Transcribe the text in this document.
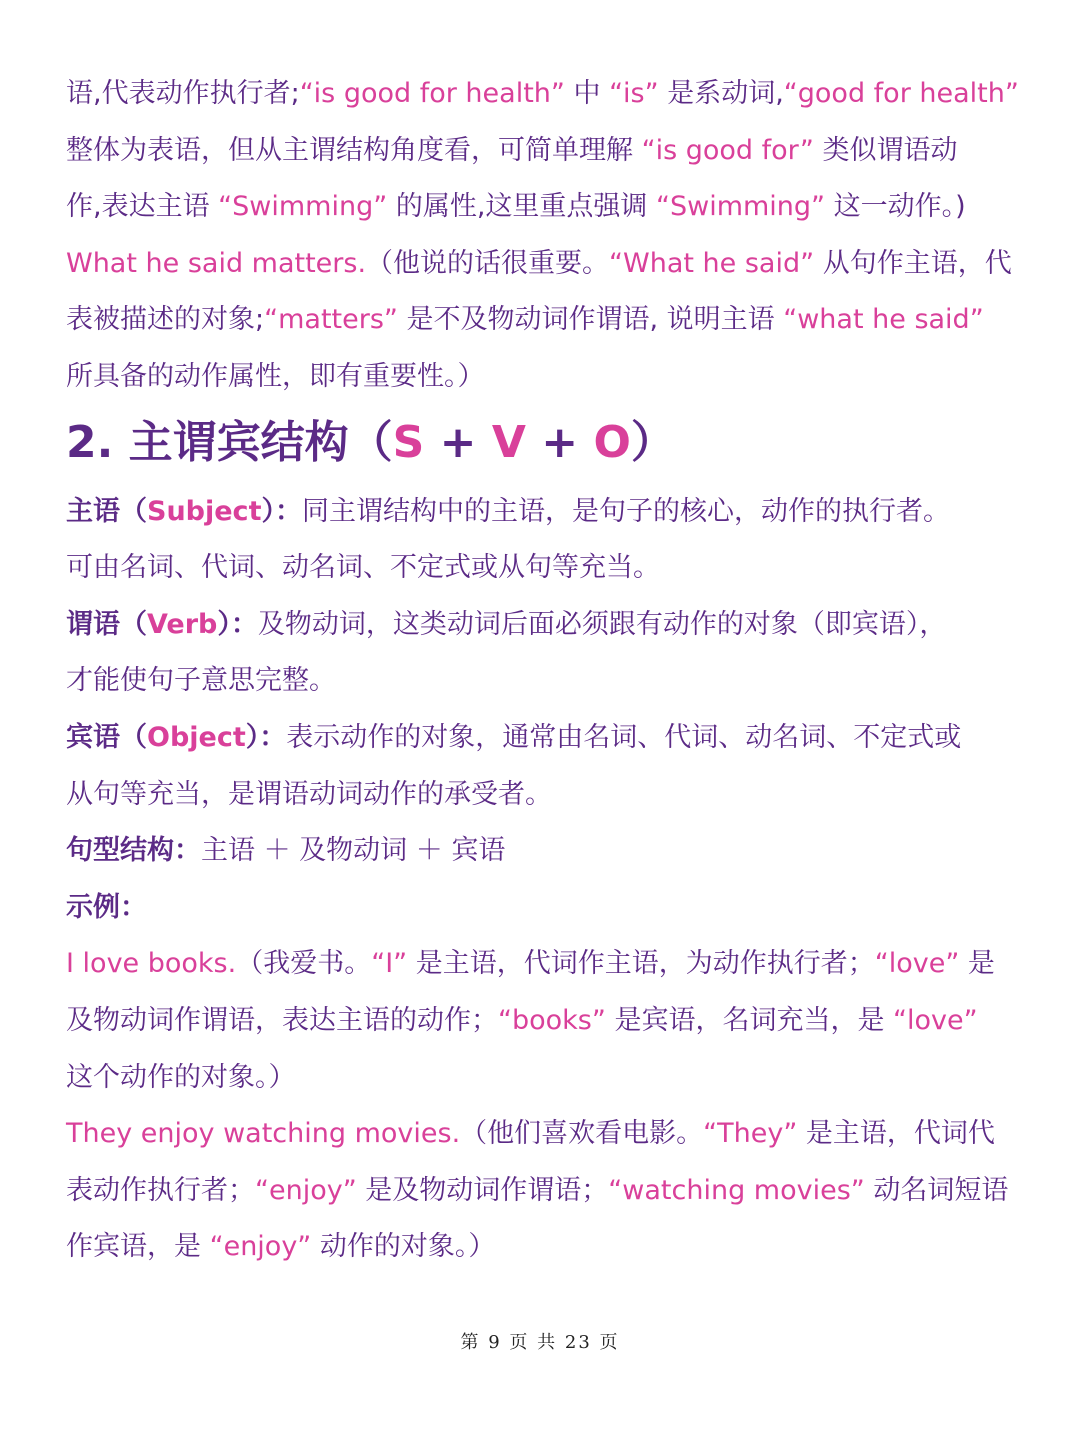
语,代表动作执行者;“is good for health” 中 “is” 是系动词,“good for health”
整体为表语，但从主谓结构角度看，可简单理解 “is good for” 类似谓语动
作,表达主语 “Swimming” 的属性,这里重点强调 “Swimming” 这一动作。)
What he said matters.（他说的话很重要。“What he said” 从句作主语，代
表被描述的对象;“matters” 是不及物动词作谓语, 说明主语 “what he said”
所具备的动作属性，即有重要性。）
2. 主谓宾结构（S + V + O）
主语（Subject）：同主谓结构中的主语，是句子的核心，动作的执行者。
可由名词、代词、动名词、不定式或从句等充当。
谓语（Verb）：及物动词，这类动词后面必须跟有动作的对象（即宾语），
才能使句子意思完整。
宾语（Object）：表示动作的对象，通常由名词、代词、动名词、不定式或
从句等充当，是谓语动词动作的承受者。
句型结构：主语 ＋ 及物动词 ＋ 宾语
示例：
I love books.（我爱书。“I” 是主语，代词作主语，为动作执行者；“love” 是
及物动词作谓语，表达主语的动作；“books” 是宾语，名词充当，是 “love”
这个动作的对象。）
They enjoy watching movies.（他们喜欢看电影。“They” 是主语，代词代
表动作执行者；“enjoy” 是及物动词作谓语；“watching movies” 动名词短语
作宾语，是 “enjoy” 动作的对象。）
第 9 页 共 23 页
